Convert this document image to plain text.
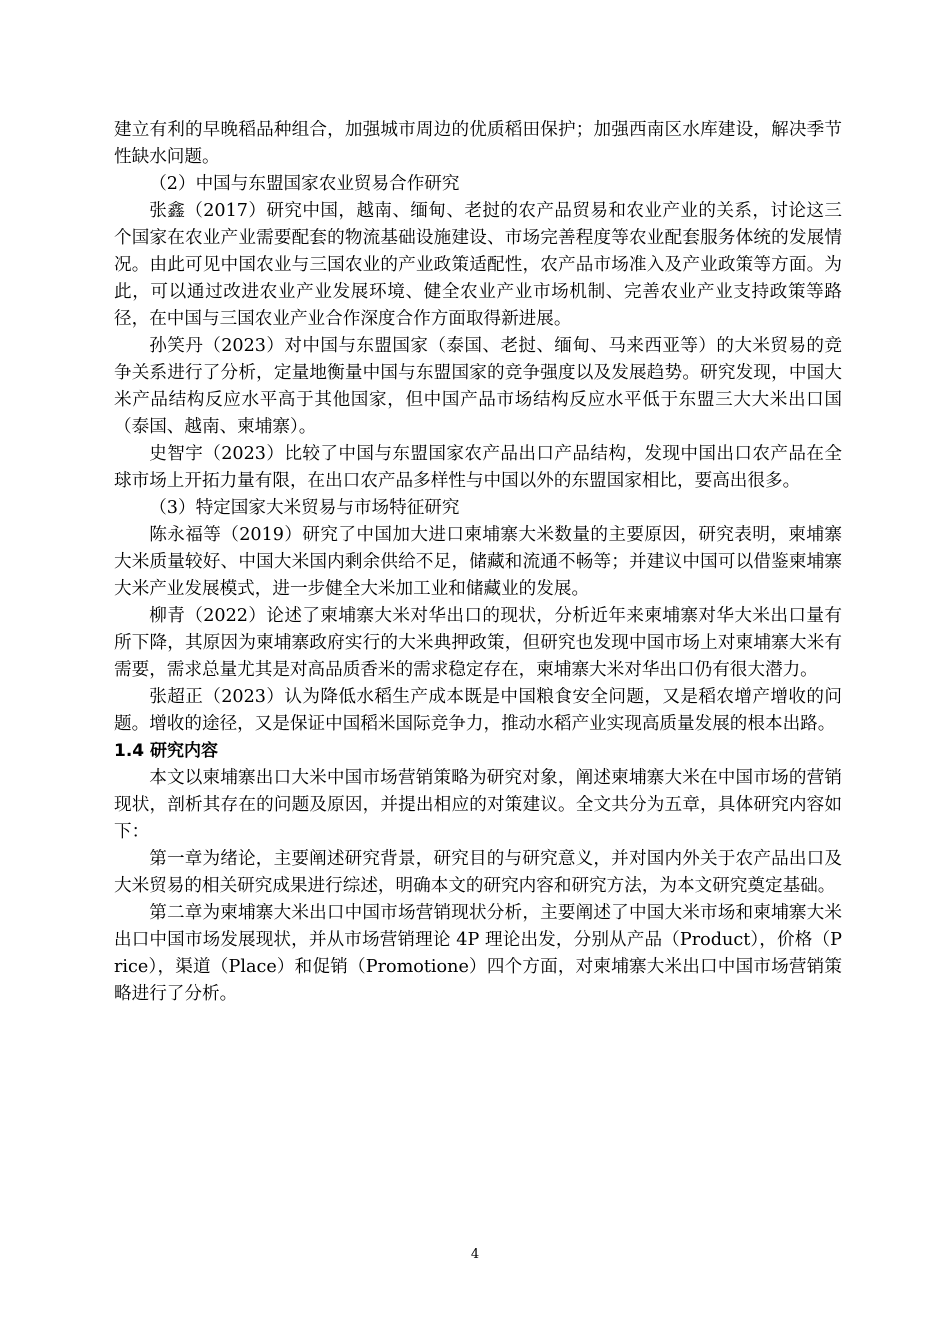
建立有利的早晚稻品种组合，加强城市周边的优质稻田保护；加强西南区水库建设，解决季节性缺水问题。

（2）中国与东盟国家农业贸易合作研究

张鑫（2017）研究中国，越南、缅甸、老挝的农产品贸易和农业产业的关系，讨论这三个国家在农业产业需要配套的物流基础设施建设、市场完善程度等农业配套服务体统的发展情况。由此可见中国农业与三国农业的产业政策适配性，农产品市场准入及产业政策等方面。为此，可以通过改进农业产业发展环境、健全农业产业市场机制、完善农业产业支持政策等路径，在中国与三国农业产业合作深度合作方面取得新进展。

孙笑丹（2023）对中国与东盟国家（泰国、老挝、缅甸、马来西亚等）的大米贸易的竞争关系进行了分析，定量地衡量中国与东盟国家的竞争强度以及发展趋势。研究发现，中国大米产品结构反应水平高于其他国家，但中国产品市场结构反应水平低于东盟三大大米出口国（泰国、越南、柬埔寨）。

史智宇（2023）比较了中国与东盟国家农产品出口产品结构，发现中国出口农产品在全球市场上开拓力量有限，在出口农产品多样性与中国以外的东盟国家相比，要高出很多。

（3）特定国家大米贸易与市场特征研究

陈永福等（2019）研究了中国加大进口柬埔寨大米数量的主要原因，研究表明，柬埔寨大米质量较好、中国大米国内剩余供给不足，储藏和流通不畅等；并建议中国可以借鉴柬埔寨大米产业发展模式，进一步健全大米加工业和储藏业的发展。

柳青（2022）论述了柬埔寨大米对华出口的现状，分析近年来柬埔寨对华大米出口量有所下降，其原因为柬埔寨政府实行的大米典押政策，但研究也发现中国市场上对柬埔寨大米有需要，需求总量尤其是对高品质香米的需求稳定存在，柬埔寨大米对华出口仍有很大潜力。

张超正（2023）认为降低水稻生产成本既是中国粮食安全问题，又是稻农增产增收的问题。增收的途径，又是保证中国稻米国际竞争力，推动水稻产业实现高质量发展的根本出路。

1.4 研究内容

本文以柬埔寨出口大米中国市场营销策略为研究对象，阐述柬埔寨大米在中国市场的营销现状，剖析其存在的问题及原因，并提出相应的对策建议。全文共分为五章，具体研究内容如下：

第一章为绪论，主要阐述研究背景，研究目的与研究意义，并对国内外关于农产品出口及大米贸易的相关研究成果进行综述，明确本文的研究内容和研究方法，为本文研究奠定基础。

第二章为柬埔寨大米出口中国市场营销现状分析，主要阐述了中国大米市场和柬埔寨大米出口中国市场发展现状，并从市场营销理论 4P 理论出发，分别从产品（Product），价格（Price），渠道（Place）和促销（Promotione）四个方面，对柬埔寨大米出口中国市场营销策略进行了分析。

4
